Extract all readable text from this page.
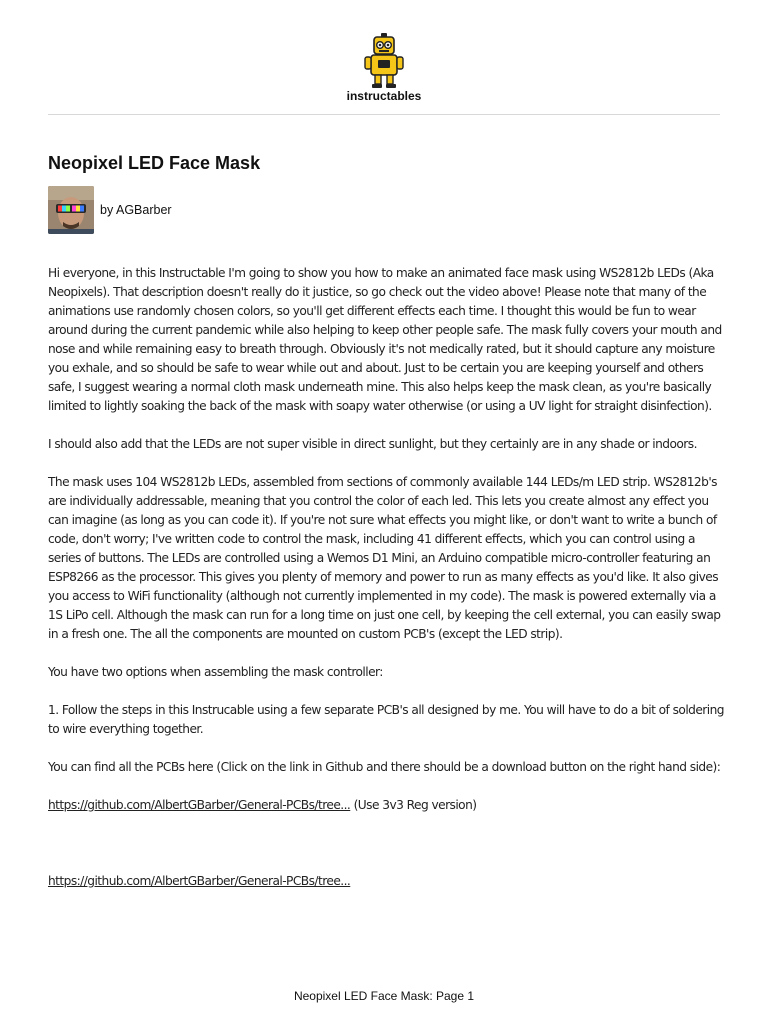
instructables
Neopixel LED Face Mask
by AGBarber

Hi everyone, in this Instructable I'm going to show you how to make an animated face mask using WS2812b LEDs (Aka Neopixels). That description doesn't really do it justice, so go check out the video above! Please note that many of the animations use randomly chosen colors, so you'll get different effects each time. I thought this would be fun to wear around during the current pandemic while also helping to keep other people safe. The mask fully covers your mouth and nose and while remaining easy to breath through. Obviously it's not medically rated, but it should capture any moisture you exhale, and so should be safe to wear while out and about. Just to be certain you are keeping yourself and others safe, I suggest wearing a normal cloth mask underneath mine. This also helps keep the mask clean, as you're basically limited to lightly soaking the back of the mask with soapy water otherwise (or using a UV light for straight disinfection).

I should also add that the LEDs are not super visible in direct sunlight, but they certainly are in any shade or indoors.

The mask uses 104 WS2812b LEDs, assembled from sections of commonly available 144 LEDs/m LED strip. WS2812b's are individually addressable, meaning that you control the color of each led. This lets you create almost any effect you can imagine (as long as you can code it). If you're not sure what effects you might like, or don't want to write a bunch of code, don't worry; I've written code to control the mask, including 41 different effects, which you can control using a series of buttons. The LEDs are controlled using a Wemos D1 Mini, an Arduino compatible micro-controller featuring an ESP8266 as the processor. This gives you plenty of memory and power to run as many effects as you'd like. It also gives you access to WiFi functionality (although not currently implemented in my code). The mask is powered externally via a 1S LiPo cell. Although the mask can run for a long time on just one cell, by keeping the cell external, you can easily swap in a fresh one. The all the components are mounted on custom PCB's (except the LED strip).

You have two options when assembling the mask controller:

1. Follow the steps in this Instrucable using a few separate PCB's all designed by me. You will have to do a bit of soldering to wire everything together.

You can find all the PCBs here (Click on the link in Github and there should be a download button on the right hand side):

https://github.com/AlbertGBarber/General-PCBs/tree... (Use 3v3 Reg version)

https://github.com/AlbertGBarber/General-PCBs/tree...

Neopixel LED Face Mask: Page 1
